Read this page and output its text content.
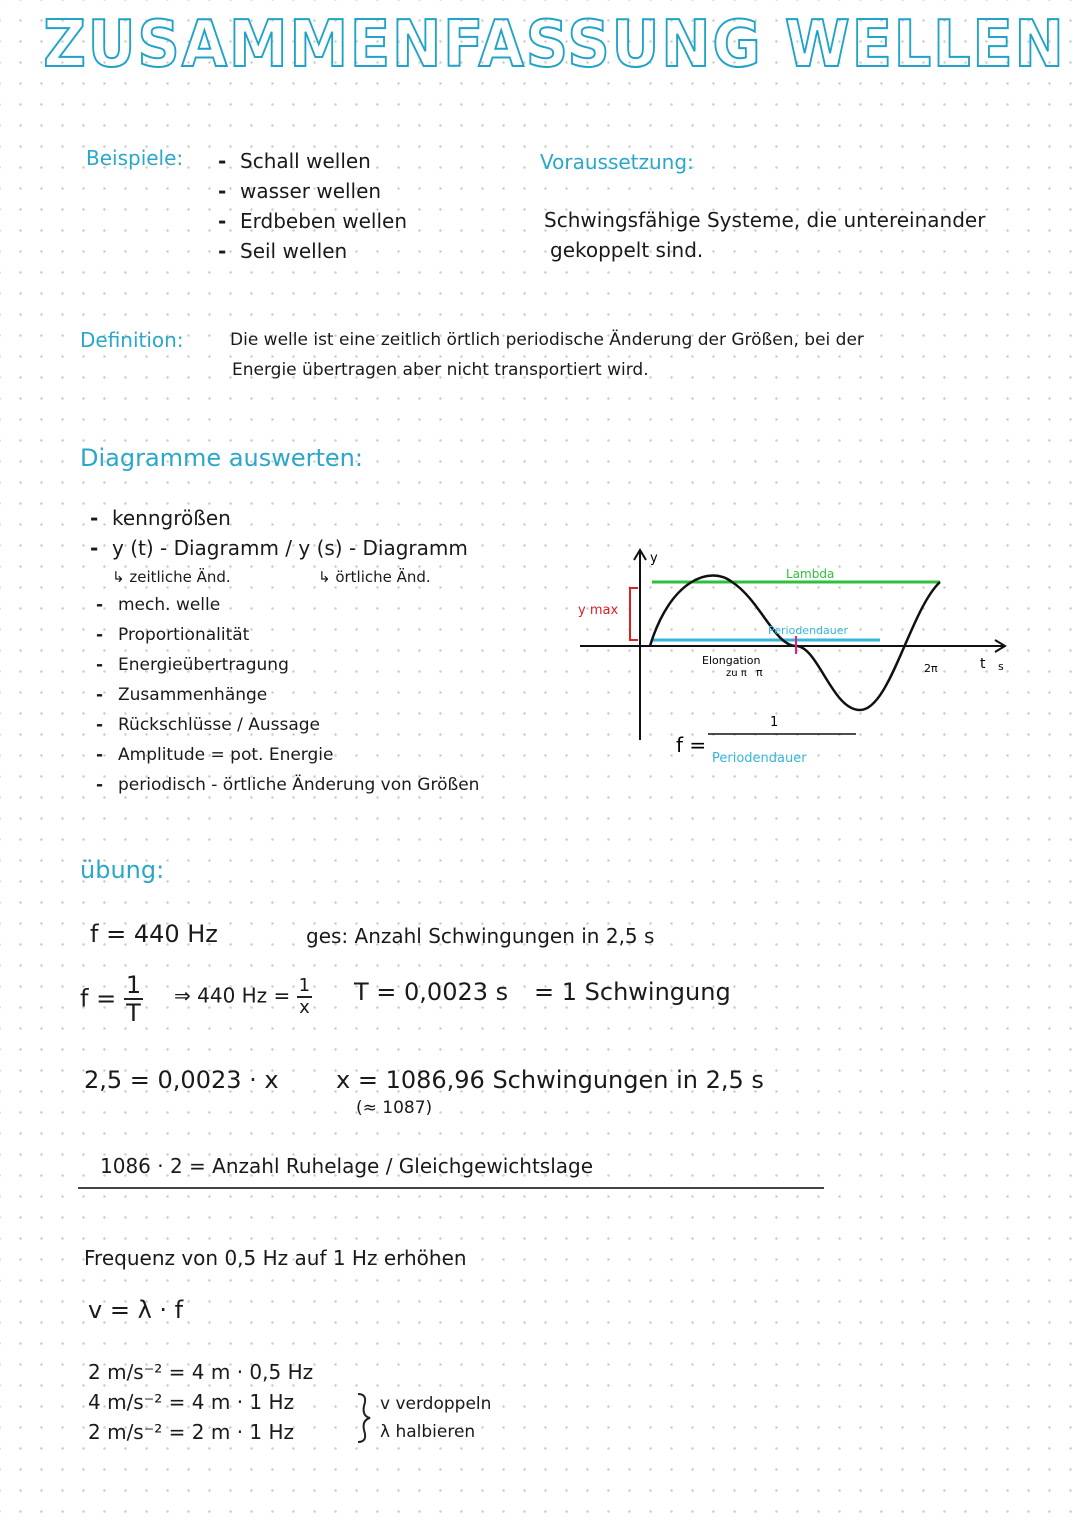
ZUSAMMENFASSUNG WELLEN
Beispiele:
-	Schall wellen
- wasser wellen
- Erdbeben wellen
- Seil wellen
Voraussetzung:
Schwingsfähige Systeme, die untereinander
gekoppelt sind.
Definition:	Die welle ist eine zeitlich örtlich periodische Änderung der Größen, bei der
Energie übertragen aber nicht transportiert wird.
Diagramme auswerten:
- kenngrößen
- y (t) - Diagramm / y (s) - Diagramm
↳ zeitliche Änd.	↳ örtliche Änd.
- mech. welle
- Proportionalität
- Energieübertragung
- Zusammenhänge
- Rückschlüsse / Aussage
- Amplitude = pot. Energie
- periodisch - örtliche Änderung von Größen
y
y max
Lambda
Periodendauer
Elongation
zu π π	2π	t s
f =
1
Periodendauer
übung:
f = 440 Hz	ges: Anzahl Schwingungen in 2,5 s
$f = \frac{1}{T}$ ⇒ 440 $Hz = \frac{1}{x}$ T = 0,0023 s = 1 Schwingung
2,5 = 0,0023 · x x = 1086,96 Schwingungen in 2,5 s
(≈ 1087)
1086 · 2 = Anzahl Ruhelage / Gleichgewichtslage
Frequenz von 0,5 Hz auf 1 Hz erhöhen
v = λ · f
2 m/s⁻² = 4 m · 0,5 Hz
4 m/s⁻² = 4 m · 1 Hz
2 m/s⁻² = 2 m · 1 Hz
v verdoppeln
λ halbieren
